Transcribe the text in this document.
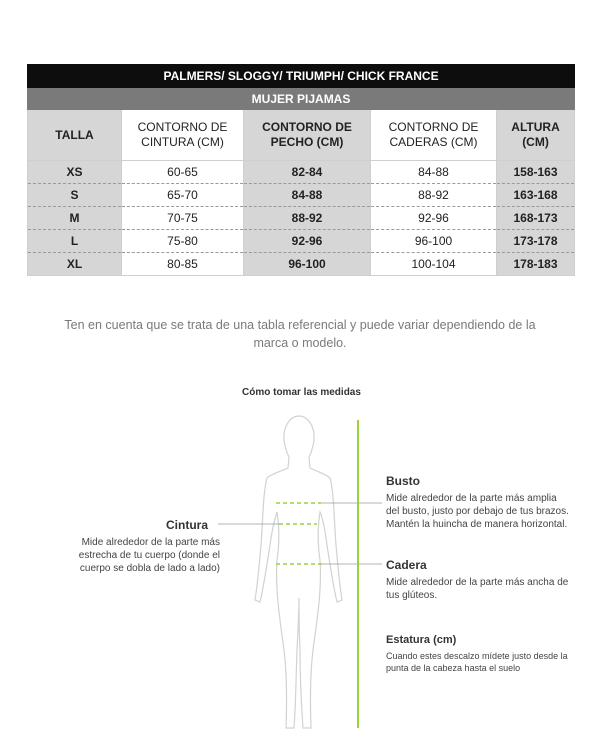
PALMERS/ SLOGGY/ TRIUMPH/ CHICK FRANCE				
MUJER PIJAMAS				
TALLA	CONTORNO DE CINTURA (CM)	CONTORNO DE PECHO (CM)	CONTORNO DE CADERAS (CM)	ALTURA (CM)
XS	60-65	82-84	84-88	158-163
S	65-70	84-88	88-92	163-168
M	70-75	88-92	92-96	168-173
L	75-80	92-96	96-100	173-178
XL	80-85	96-100	100-104	178-183
Ten en cuenta que se trata de una tabla referencial y puede variar dependiendo de la marca o modelo.
Cómo tomar las medidas
Cintura
Mide alrededor de la parte más estrecha de tu cuerpo (donde el cuerpo se dobla de lado a lado)
Busto
Mide alrededor de la parte más amplia del busto, justo por debajo de tus brazos. Mantén la huincha de manera horizontal.
Cadera
Mide alrededor de la parte más ancha de tus glúteos.
Estatura (cm)
Cuando estes descalzo mídete justo desde la punta de la cabeza hasta el suelo
